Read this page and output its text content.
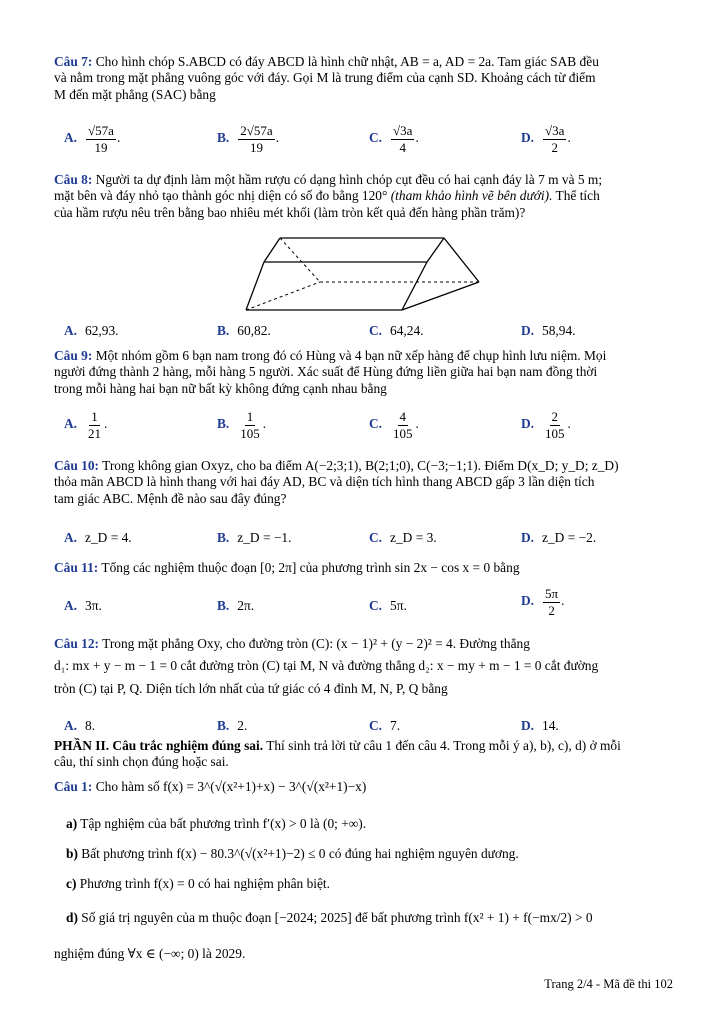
Câu 7: Cho hình chóp S.ABCD có đáy ABCD là hình chữ nhật, AB = a, AD = 2a. Tam giác SAB đều

và nằm trong mặt phẳng vuông góc với đáy. Gọi M là trung điểm của cạnh SD. Khoảng cách từ điểm

M đến mặt phẳng (SAC) bằng

A. $\frac{√57a}{19}$ .	B. $\frac{2√57a}{19}$ .	C. $\frac{√3a}{4}$ .	D. $\frac{√3a}{2}$ .

Câu 8: Người ta dự định làm một hầm rượu có dạng hình chóp cụt đều có hai cạnh đáy là 7 m và 5 m;

mặt bên và đáy nhỏ tạo thành góc nhị diện có số đo bằng 120° (tham khảo hình vẽ bên dưới). Thể tích

của hầm rượu nêu trên bằng bao nhiêu mét khối (làm tròn kết quả đến hàng phần trăm)?

A. 62,93.	B. 60,82.	C. 64,24.	D. 58,94.

Câu 9: Một nhóm gồm 6 bạn nam trong đó có Hùng và 4 bạn nữ xếp hàng để chụp hình lưu niệm. Mọi

người đứng thành 2 hàng, mỗi hàng 5 người. Xác suất để Hùng đứng liền giữa hai bạn nam đồng thời

trong mỗi hàng hai bạn nữ bất kỳ không đứng cạnh nhau bằng

A. $\frac{1}{21}$ .	B. $\frac{1}{105}$ .	C. $\frac{4}{105}$ .	D. $\frac{2}{105}$ .

Câu 10: Trong không gian Oxyz, cho ba điểm A(−2;3;1), B(2;1;0), C(−3;−1;1). Điểm D(x_D; y_D; z_D)

thỏa mãn ABCD là hình thang với hai đáy AD, BC và diện tích hình thang ABCD gấp 3 lần diện tích

tam giác ABC. Mệnh đề nào sau đây đúng?

A. z_D = 4.	B. z_D = −1.	C. z_D = 3.	D. z_D = −2.

Câu 11: Tổng các nghiệm thuộc đoạn [0; 2π] của phương trình sin 2x − cos x = 0 bằng

A. 3π.	B. 2π.	C. 5π.	D. $\frac{5\pi}{2}$ .

Câu 12: Trong mặt phẳng Oxy, cho đường tròn (C): (x − 1)² + (y − 2)² = 4. Đường thẳng

d₁: mx + y − m − 1 = 0 cắt đường tròn (C) tại M, N và đường thẳng d₂: x − my + m − 1 = 0 cắt đường

tròn (C) tại P, Q. Diện tích lớn nhất của tứ giác có 4 đỉnh M, N, P, Q bằng

A. 8.	B. 2.	C. 7.	D. 14.

PHẦN II. Câu trắc nghiệm đúng sai. Thí sinh trả lời từ câu 1 đến câu 4. Trong mỗi ý a), b), c), d) ở mỗi

câu, thí sinh chọn đúng hoặc sai.

Câu 1: Cho hàm số f(x) = 3^(√(x²+1)+x) − 3^(√(x²+1)−x)

a) Tập nghiệm của bất phương trình f′(x) > 0 là (0; +∞).

b) Bất phương trình f(x) − 80.3^(√(x²+1)−2) ≤ 0 có đúng hai nghiệm nguyên dương.

c) Phương trình f(x) = 0 có hai nghiệm phân biệt.

d) Số giá trị nguyên của m thuộc đoạn [−2024; 2025] để bất phương trình f(x² + 1) + f(−mx/2) > 0

nghiệm đúng ∀x ∈ (−∞; 0) là 2029.

Trang 2/4 - Mã đề thi 102
